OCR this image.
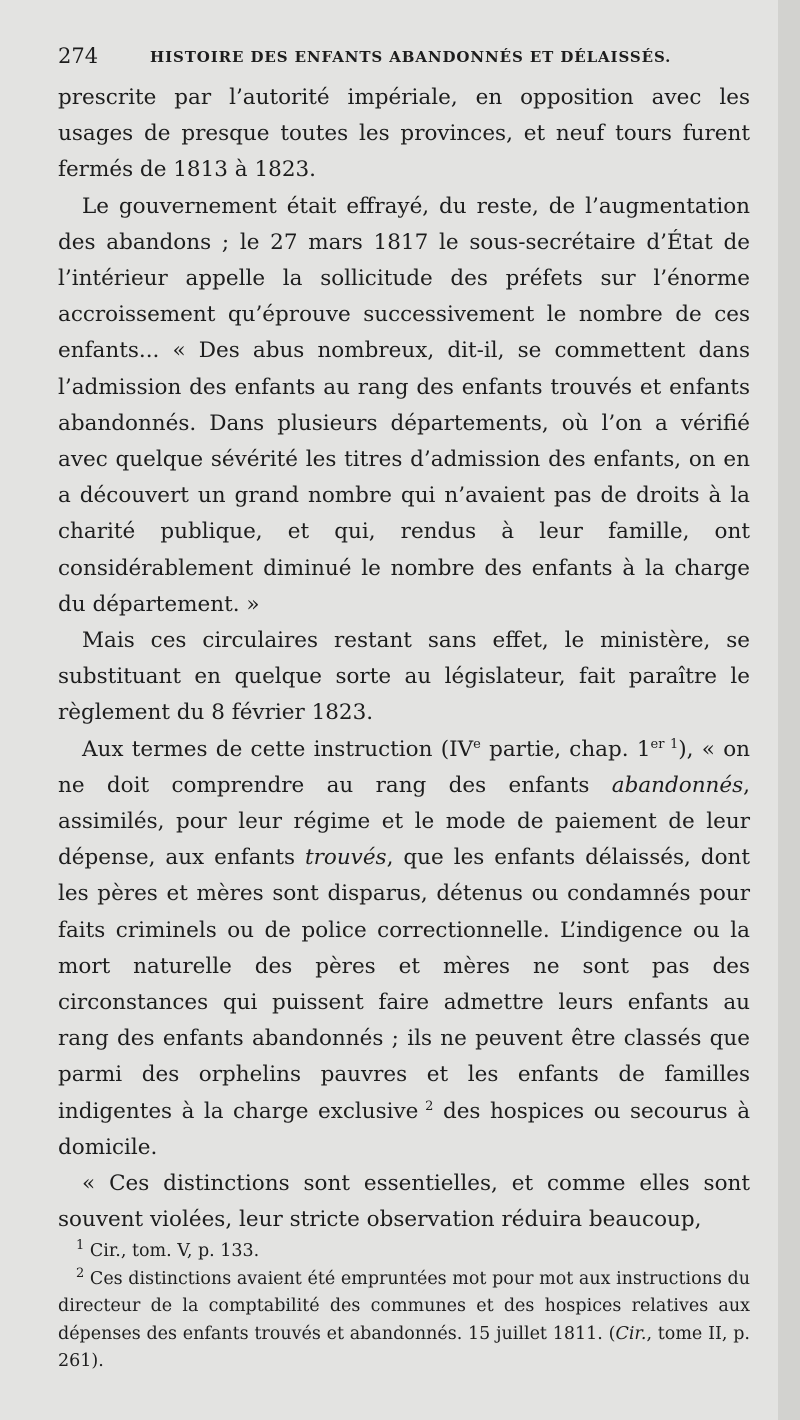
274	HISTOIRE DES ENFANTS ABANDONNÉS ET DÉLAISSÉS.

prescrite par l’autorité impériale, en opposition avec les usages de presque toutes les provinces, et neuf tours furent fermés de 1813 à 1823.

Le gouvernement était effrayé, du reste, de l’augmentation des abandons ; le 27 mars 1817 le sous-secrétaire d’État de l’intérieur appelle la sollicitude des préfets sur l’énorme accroissement qu’éprouve successivement le nombre de ces enfants... « Des abus nombreux, dit-il, se commettent dans l’admission des enfants au rang des enfants trouvés et enfants abandonnés. Dans plusieurs départements, où l’on a vérifié avec quelque sévérité les titres d’admission des enfants, on en a découvert un grand nombre qui n’avaient pas de droits à la charité publique, et qui, rendus à leur famille, ont considérablement diminué le nombre des enfants à la charge du département. »

Mais ces circulaires restant sans effet, le ministère, se substituant en quelque sorte au législateur, fait paraître le règlement du 8 février 1823.

Aux termes de cette instruction (IVe partie, chap. 1er $^1$), « on ne doit comprendre au rang des enfants abandonnés, assimilés, pour leur régime et le mode de paiement de leur dépense, aux enfants trouvés, que les enfants délaissés, dont les pères et mères sont disparus, détenus ou condamnés pour faits criminels ou de police correctionnelle. L’indigence ou la mort naturelle des pères et mères ne sont pas des circonstances qui puissent faire admettre leurs enfants au rang des enfants abandonnés ; ils ne peuvent être classés que parmi des orphelins pauvres et les enfants de familles indigentes à la charge exclusive $^2$ des hospices ou secourus à domicile.

« Ces distinctions sont essentielles, et comme elles sont souvent violées, leur stricte observation réduira beaucoup,

$^1$ Cir., tom. V, p. 133.

$^2$ Ces distinctions avaient été empruntées mot pour mot aux instructions du directeur de la comptabilité des communes et des hospices relatives aux dépenses des enfants trouvés et abandonnés. 15 juillet 1811. (Cir., tome II, p. 261).
